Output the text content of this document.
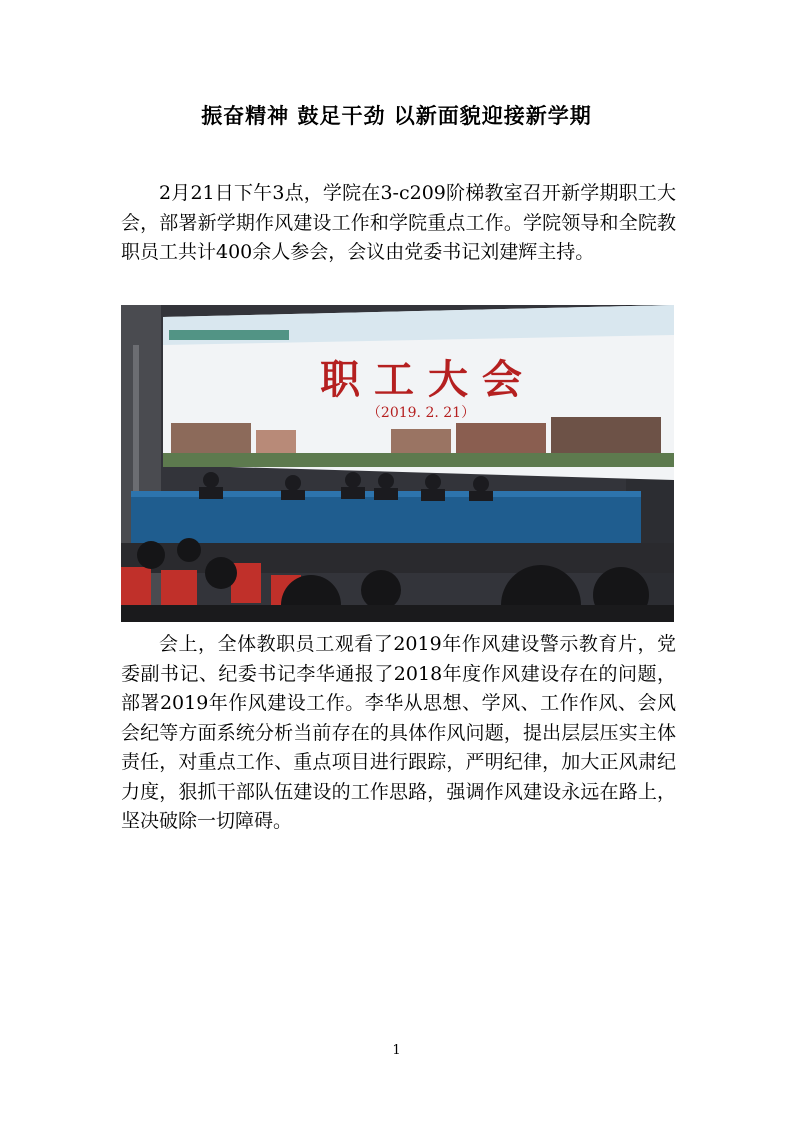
振奋精神 鼓足干劲 以新面貌迎接新学期

2月21日下午3点，学院在3-c209阶梯教室召开新学期职工大会，部署新学期作风建设工作和学院重点工作。学院领导和全院教职员工共计400余人参会，会议由党委书记刘建辉主持。

职 工 大 会
（2019. 2. 21）

会上，全体教职员工观看了2019年作风建设警示教育片，党委副书记、纪委书记李华通报了2018年度作风建设存在的问题，部署2019年作风建设工作。李华从思想、学风、工作作风、会风会纪等方面系统分析当前存在的具体作风问题，提出层层压实主体责任，对重点工作、重点项目进行跟踪，严明纪律，加大正风肃纪力度，狠抓干部队伍建设的工作思路，强调作风建设永远在路上，坚决破除一切障碍。

1
